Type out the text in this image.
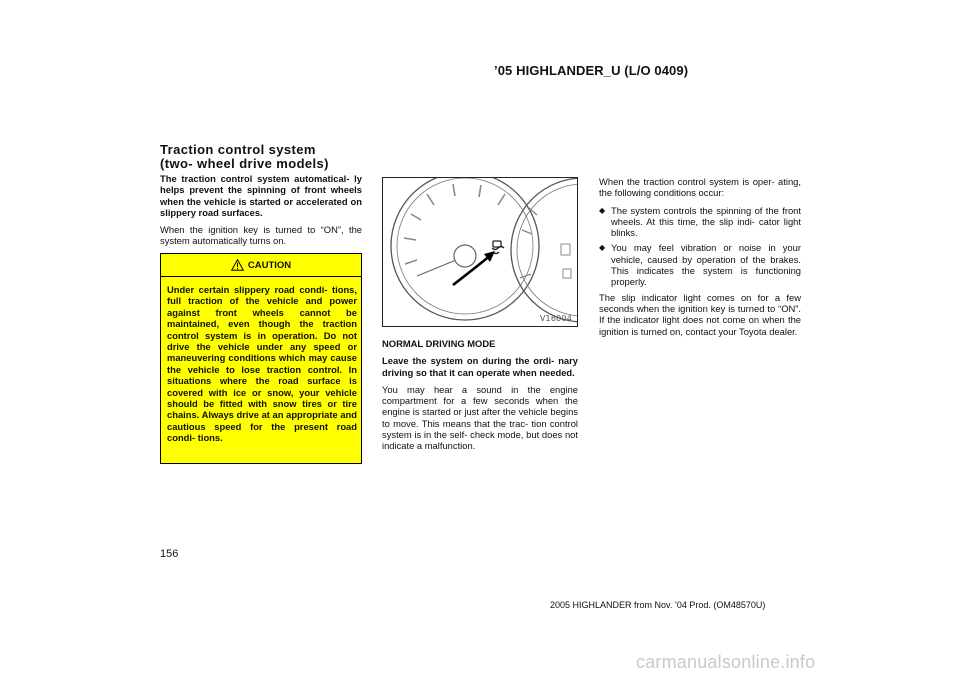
’05 HIGHLANDER_U (L/O 0409)
Traction control system
(two- wheel drive models)

The traction control system automatical- ly helps prevent the spinning of front wheels when the vehicle is started or accelerated on slippery road surfaces.

When the ignition key is turned to “ON”, the system automatically turns on.

CAUTION
Under certain slippery road condi- tions, full traction of the vehicle and power against front wheels cannot be maintained, even though the traction control system is in operation. Do not drive the vehicle under any speed or maneuvering conditions which may cause the vehicle to lose traction control. In situations where the road surface is covered with ice or snow, your vehicle should be fitted with snow tires or tire chains. Always drive at an appropriate and cautious speed for the present road condi- tions.
V16004

NORMAL DRIVING MODE

Leave the system on during the ordi- nary driving so that it can operate when needed.

You may hear a sound in the engine compartment for a few seconds when the engine is started or just after the vehicle begins to move. This means that the trac- tion control system is in the self- check mode, but does not indicate a malfunction.

When the traction control system is oper- ating, the following conditions occur:

◆ The system controls the spinning of the front wheels. At this time, the slip indi- cator light blinks.
◆ You may feel vibration or noise in your vehicle, caused by operation of the brakes. This indicates the system is functioning properly.

The slip indicator light comes on for a few seconds when the ignition key is turned to “ON”. If the indicator light does not come on when the ignition is turned on, contact your Toyota dealer.

156
2005 HIGHLANDER from Nov. ’04 Prod. (OM48570U)
carmanualsonline.info
